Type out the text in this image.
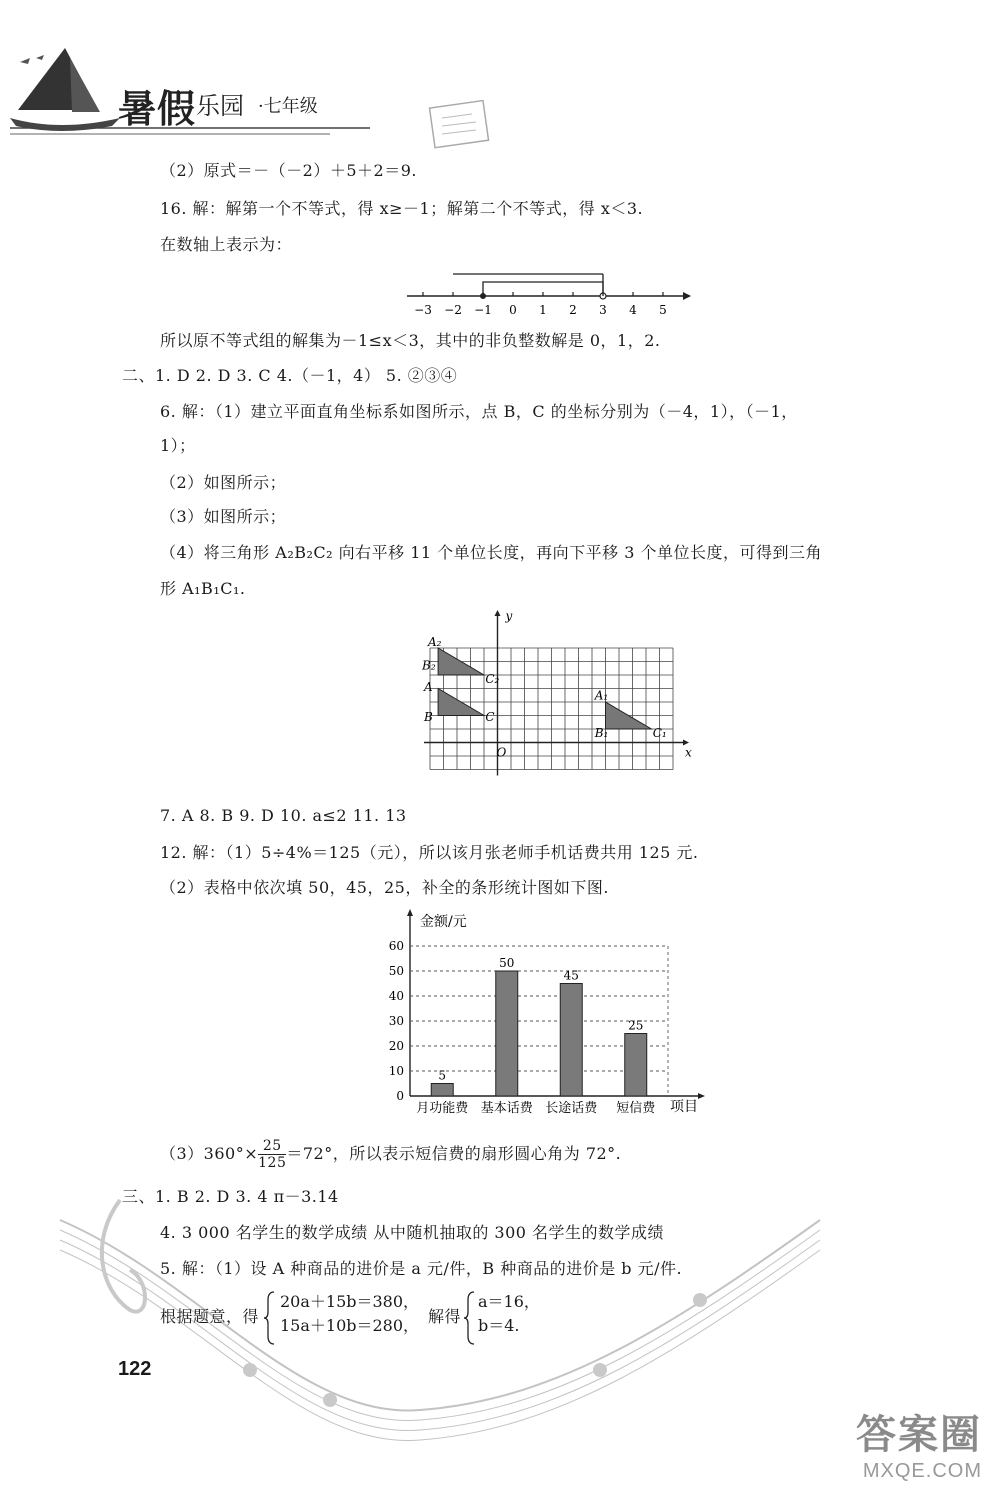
暑假 乐园 ·七年级
（2）原式＝－（－2）＋5＋2＝9.
16. 解：解第一个不等式，得 x≥－1；解第二个不等式，得 x＜3.
在数轴上表示为：
−3 −2 −1 0 1 2 3 4 5
所以原不等式组的解集为－1≤x＜3，其中的非负整数解是 0，1，2.
二、1. D 2. D 3. C 4.（－1，4） 5. ②③④
6. 解：（1）建立平面直角坐标系如图所示，点 B，C 的坐标分别为（－4，1），（－1，
1）；
（2）如图所示；
（3）如图所示；
（4）将三角形 A₂B₂C₂ 向右平移 11 个单位长度，再向下平移 3 个单位长度，可得到三角
形 A₁B₁C₁.
y
x
O
A₂
B₂
C₂
A
B	C
A₁
B₁	C₁
7. A 8. B 9. D 10. a≤2 11. 13
12. 解：（1）5÷4%＝125（元），所以该月张老师手机话费共用 125 元.
（2）表格中依次填 50，45，25，补全的条形统计图如下图.
金额/元
项目
0
10
20
30
40
50
60
5
月功能费
50
基本话费
45
长途话费
25
短信费
$(3)360^\circ\times \frac{25}{125} =72^\circ$，所以表示短信费的扇形圆心角为 72°.
三、1. B 2. D 3. 4 π－3.14
4. 3 000 名学生的数学成绩 从中随机抽取的 300 名学生的数学成绩
5. 解：（1）设 A 种商品的进价是 a 元/件，B 种商品的进价是 b 元/件.
根据题意，得
20a＋15b＝380，
15a＋10b＝280， 解得
a＝16，
b＝4.
122
答案圈
MXQE.COM
